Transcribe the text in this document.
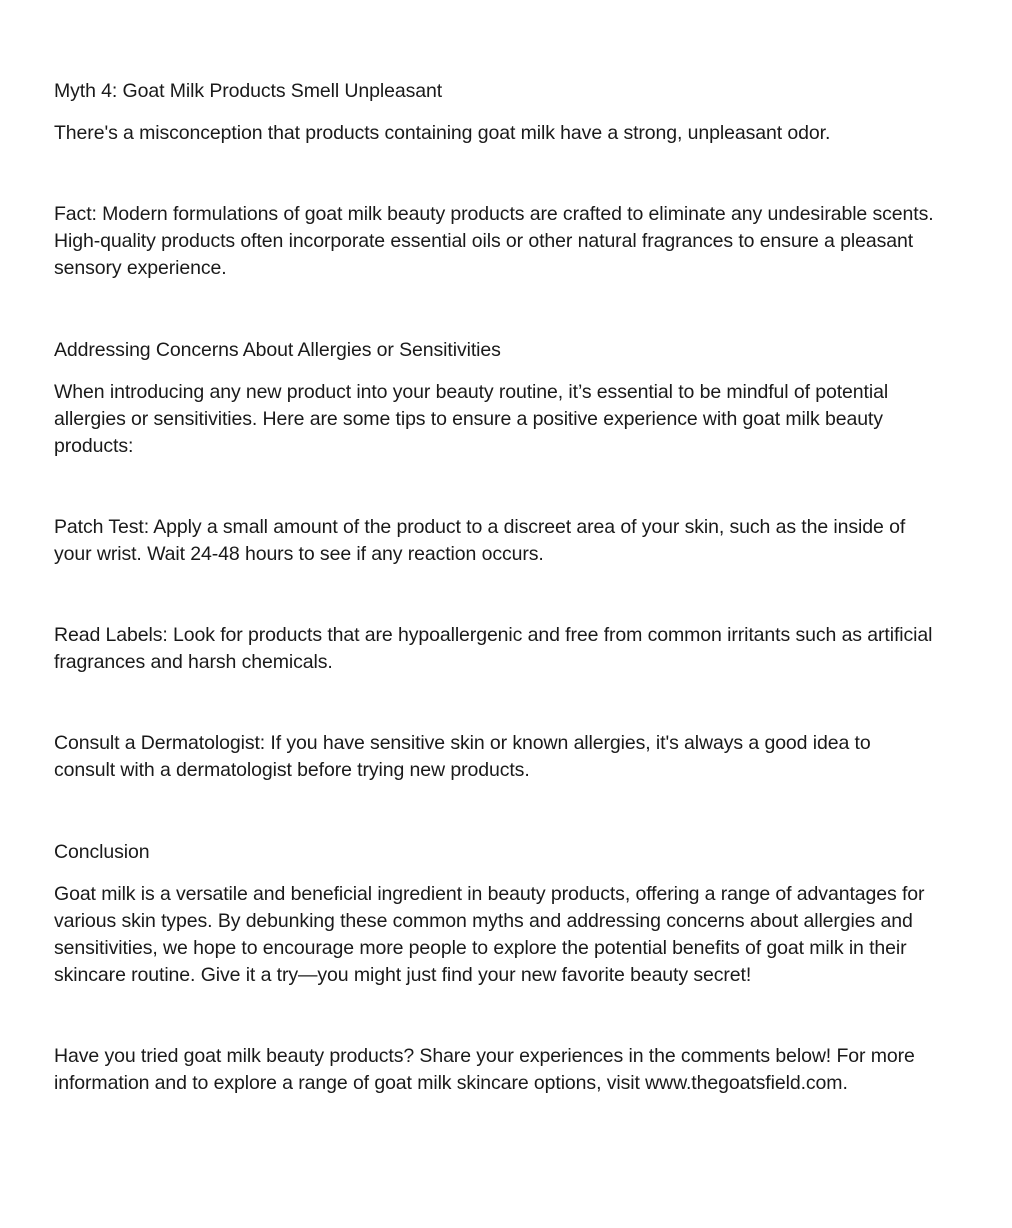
Myth 4: Goat Milk Products Smell Unpleasant

There's a misconception that products containing goat milk have a strong, unpleasant odor.

Fact: Modern formulations of goat milk beauty products are crafted to eliminate any undesirable scents. High-quality products often incorporate essential oils or other natural fragrances to ensure a pleasant sensory experience.

Addressing Concerns About Allergies or Sensitivities

When introducing any new product into your beauty routine, it’s essential to be mindful of potential allergies or sensitivities. Here are some tips to ensure a positive experience with goat milk beauty products:

Patch Test: Apply a small amount of the product to a discreet area of your skin, such as the inside of your wrist. Wait 24-48 hours to see if any reaction occurs.

Read Labels: Look for products that are hypoallergenic and free from common irritants such as artificial fragrances and harsh chemicals.

Consult a Dermatologist: If you have sensitive skin or known allergies, it's always a good idea to consult with a dermatologist before trying new products.

Conclusion

Goat milk is a versatile and beneficial ingredient in beauty products, offering a range of advantages for various skin types. By debunking these common myths and addressing concerns about allergies and sensitivities, we hope to encourage more people to explore the potential benefits of goat milk in their skincare routine. Give it a try—you might just find your new favorite beauty secret!

Have you tried goat milk beauty products? Share your experiences in the comments below! For more information and to explore a range of goat milk skincare options, visit www.thegoatsfield.com.
